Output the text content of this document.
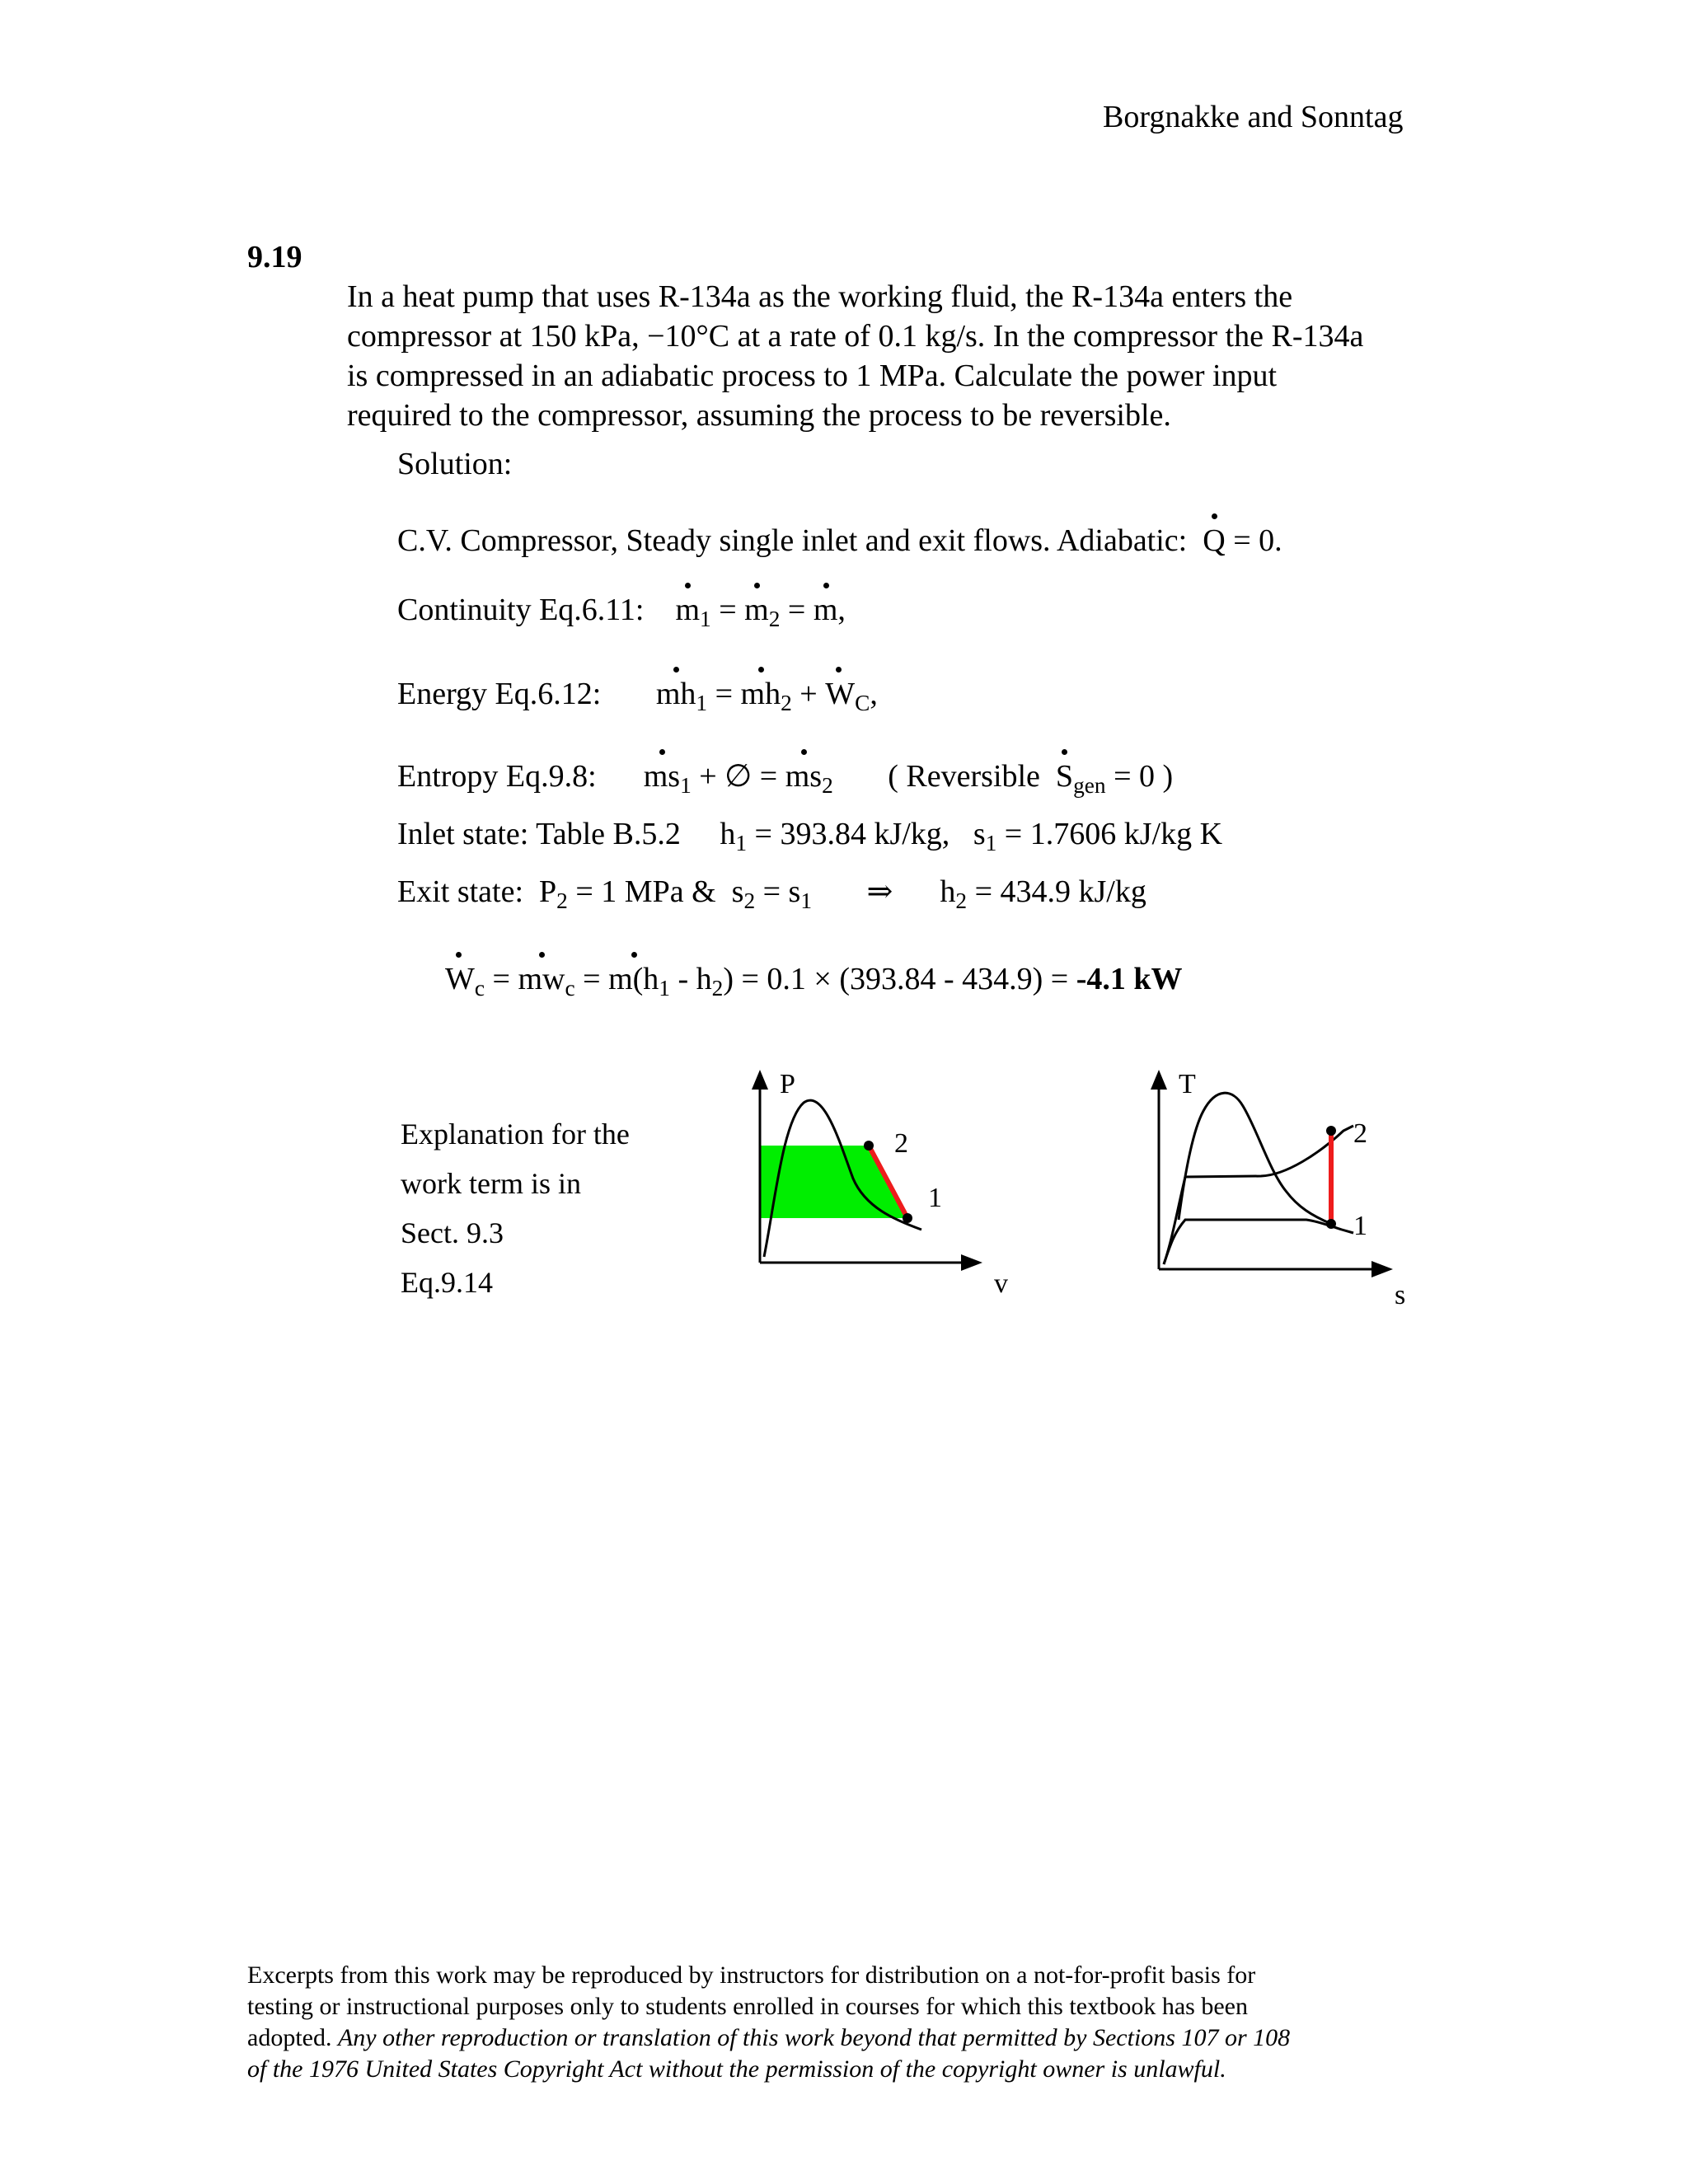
Borgnakke and Sonntag
9.19
In a heat pump that uses R-134a as the working fluid, the R-134a enters the
compressor at 150 kPa, −10°C at a rate of 0.1 kg/s. In the compressor the R-134a
is compressed in an adiabatic process to 1 MPa. Calculate the power input
required to the compressor, assuming the process to be reversible.
Solution:
C.V. Compressor, Steady single inlet and exit flows. Adiabatic: Q = 0.
Continuity Eq.6.11: $m_1 = m_2 = m$,
Energy Eq.6.12: $mh_1 = mh_2 + W_C$,
Entropy Eq.9.8: $ms_1$ + ∅ = $ms_2$ ( Reversible $S_{gen} = 0$ )
Inlet state: Table B.5.2 $h_1 = 393.84$ kJ/kg, $s_1 = 1.7606$ kJ/kg K
Exit state: $P_2 = 1$ MPa & $s_2 = s_1$ ⇒ $h_2 = 434.9$ kJ/kg
$W_c = mw_c = m(h_1 - h_2) = 0.1 \times (393.84 - 434.9) = -4.1$ kW
Explanation for the
work term is in
Sect. 9.3
Eq.9.14
P
2
1
v
T
2
1
s
Excerpts from this work may be reproduced by instructors for distribution on a not-for-profit basis for
testing or instructional purposes only to students enrolled in courses for which this textbook has been
adopted. Any other reproduction or translation of this work beyond that permitted by Sections 107 or 108
of the 1976 United States Copyright Act without the permission of the copyright owner is unlawful.
